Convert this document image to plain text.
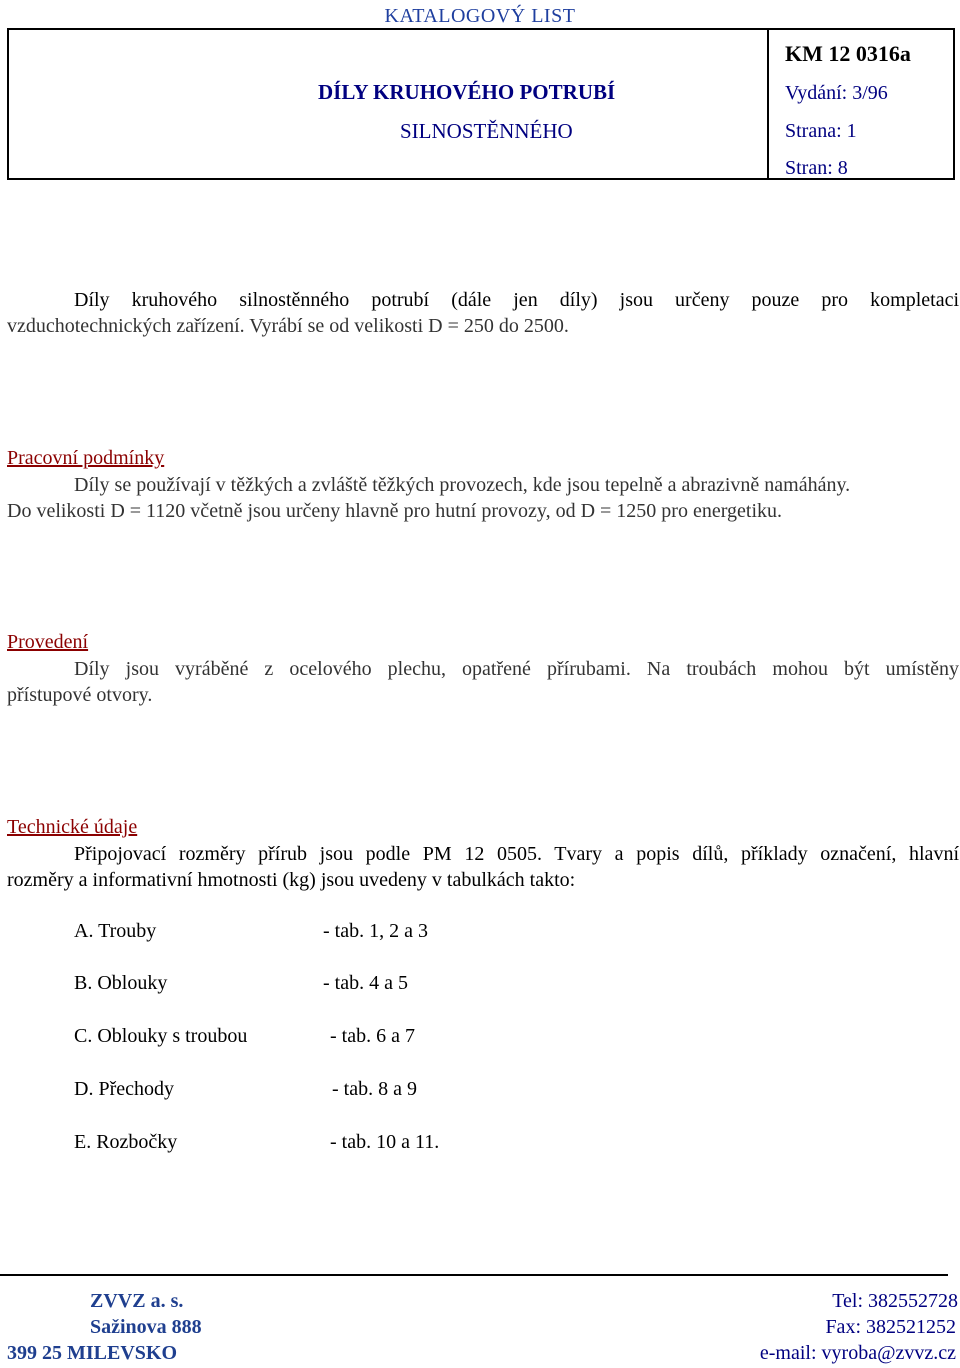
KATALOGOVÝ LIST
DÍLY KRUHOVÉHO POTRUBÍ
SILNOSTĚNNÉHO
KM 12 0316a
Vydání: 3/96
Strana: 1
Stran: 8
Díly kruhového silnostěnného potrubí (dále jen díly) jsou určeny pouze pro kompletaci
vzduchotechnických zařízení. Vyrábí se od velikosti D = 250 do 2500.
Pracovní podmínky
Díly se používají v těžkých a zvláště těžkých provozech, kde jsou tepelně a abrazivně namáhány.
Do velikosti D = 1120 včetně jsou určeny hlavně pro hutní provozy, od D = 1250 pro energetiku.
Provedení
Díly jsou vyráběné z ocelového plechu, opatřené přírubami. Na troubách mohou být umístěny
přístupové otvory.
Technické údaje
Připojovací rozměry přírub jsou podle PM 12 0505. Tvary a popis dílů, příklady označení, hlavní
rozměry a informativní hmotnosti (kg) jsou uvedeny v tabulkách takto:
A. Trouby	- tab. 1, 2 a 3
B. Oblouky	- tab. 4 a 5
C. Oblouky s troubou	- tab. 6 a 7
D. Přechody	- tab. 8 a 9
E. Rozbočky	- tab. 10 a 11.
ZVVZ a. s.
Sažinova 888
399 25 MILEVSKO
Tel: 382552728
Fax: 382521252
e-mail: vyroba@zvvz.cz
